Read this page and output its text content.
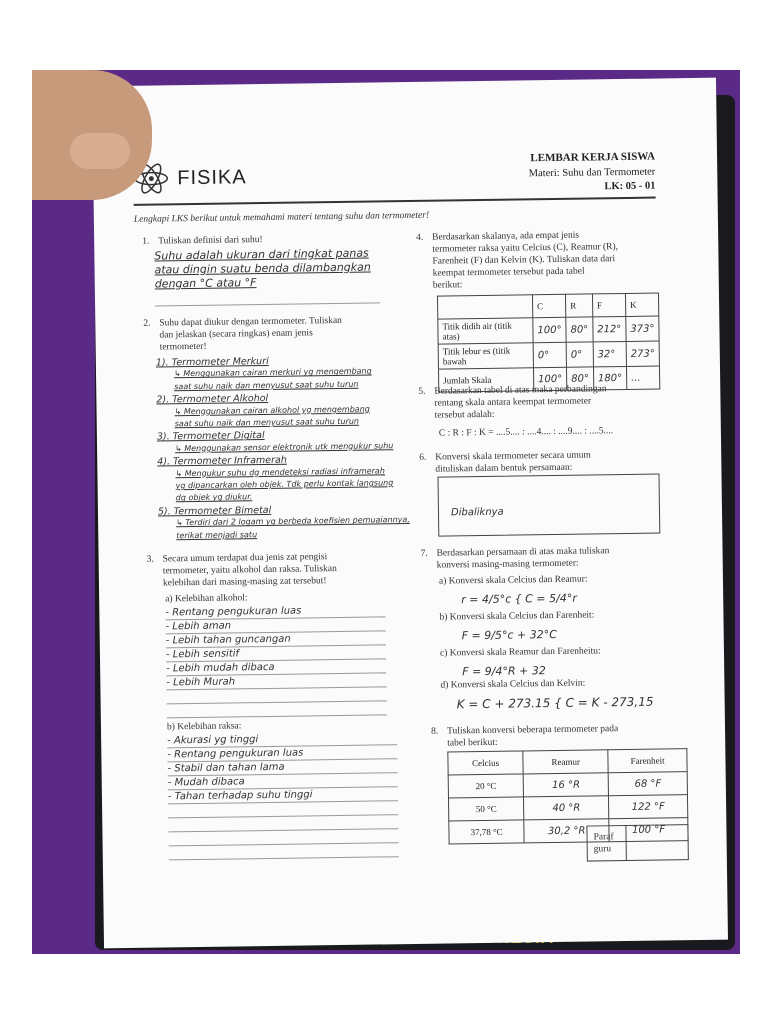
FISIKA
LEMBAR KERJA SISWA
Materi: Suhu dan Termometer
LK: 05 - 01
Lengkapi LKS berikut untuk memahami materi tentang suhu dan termometer!
1. Tuliskan definisi dari suhu!
Suhu adalah ukuran dari tingkat panas
atau dingin suatu benda dilambangkan
dengan °C atau °F
2. Suhu dapat diukur dengan termometer. Tuliskan
dan jelaskan (secara ringkas) enam jenis
termometer!
1). Termometer Merkuri
↳ Menggunakan cairan merkuri yg mengembang
saat suhu naik dan menyusut saat suhu turun
2). Termometer Alkohol
↳ Menggunakan cairan alkohol yg mengembang
saat suhu naik dan menyusut saat suhu turun
3). Termometer Digital
↳ Menggunakan sensor elektronik utk mengukur suhu
4). Termometer Inframerah
↳ Mengukur suhu dg mendeteksi radiasi inframerah
yg dipancarkan oleh objek. Tdk perlu kontak langsung
dg objek yg diukur.
5). Termometer Bimetal
↳ Terdiri dari 2 logam yg berbeda koefisien pemuaiannya,
terikat menjadi satu
3. Secara umum terdapat dua jenis zat pengisi
termometer, yaitu alkohol dan raksa. Tuliskan
kelebihan dari masing-masing zat tersebut!
a) Kelebihan alkohol:
- Rentang pengukuran luas
- Lebih aman
- Lebih tahan guncangan
- Lebih sensitif
- Lebih mudah dibaca
- Lebih Murah
b) Kelebihan raksa:
- Akurasi yg tinggi
- Rentang pengukuran luas
- Stabil dan tahan lama
- Mudah dibaca
- Tahan terhadap suhu tinggi
4. Berdasarkan skalanya, ada empat jenis
termometer raksa yaitu Celcius (C), Reamur (R),
Farenheit (F) dan Kelvin (K). Tuliskan data dari
keempat termometer tersebut pada tabel
berikut:
	C	R	F	K
Titik didih air (titik atas)	100°	80°	212°	373°
Titik lebur es (titik bawah	0°	0°	32°	273°
Jumlah Skala	100°	80°	180°	...
5. Berdasarkan tabel di atas maka perbandingan
rentang skala antara keempat termometer
tersebut adalah:
C : R : F : K = ....5.... : ....4.... : ....9.... : ....5....
6. Konversi skala termometer secara umum
dituliskan dalam bentuk persamaan:
Dibaliknya
7. Berdasarkan persamaan di atas maka tuliskan
konversi masing-masing termometer:
a) Konversi skala Celcius dan Reamur:
r = 4/5°c { C = 5/4°r
b) Konversi skala Celcius dan Farenheit:
F = 9/5°c + 32°C
c) Konversi skala Reamur dan Farenheitu:
F = 9/4°R + 32
d) Konversi skala Celcius dan Kelvin:
K = C + 273.15 { C = K - 273,15
8. Tuliskan konversi beberapa termometer pada
tabel berikut:
Celcius	Reamur	Farenheit
20 °C	16 °R	68 °F
50 °C	40 °R	122 °F
37,78 °C	30,2 °R	100 °F
Paraf guru
